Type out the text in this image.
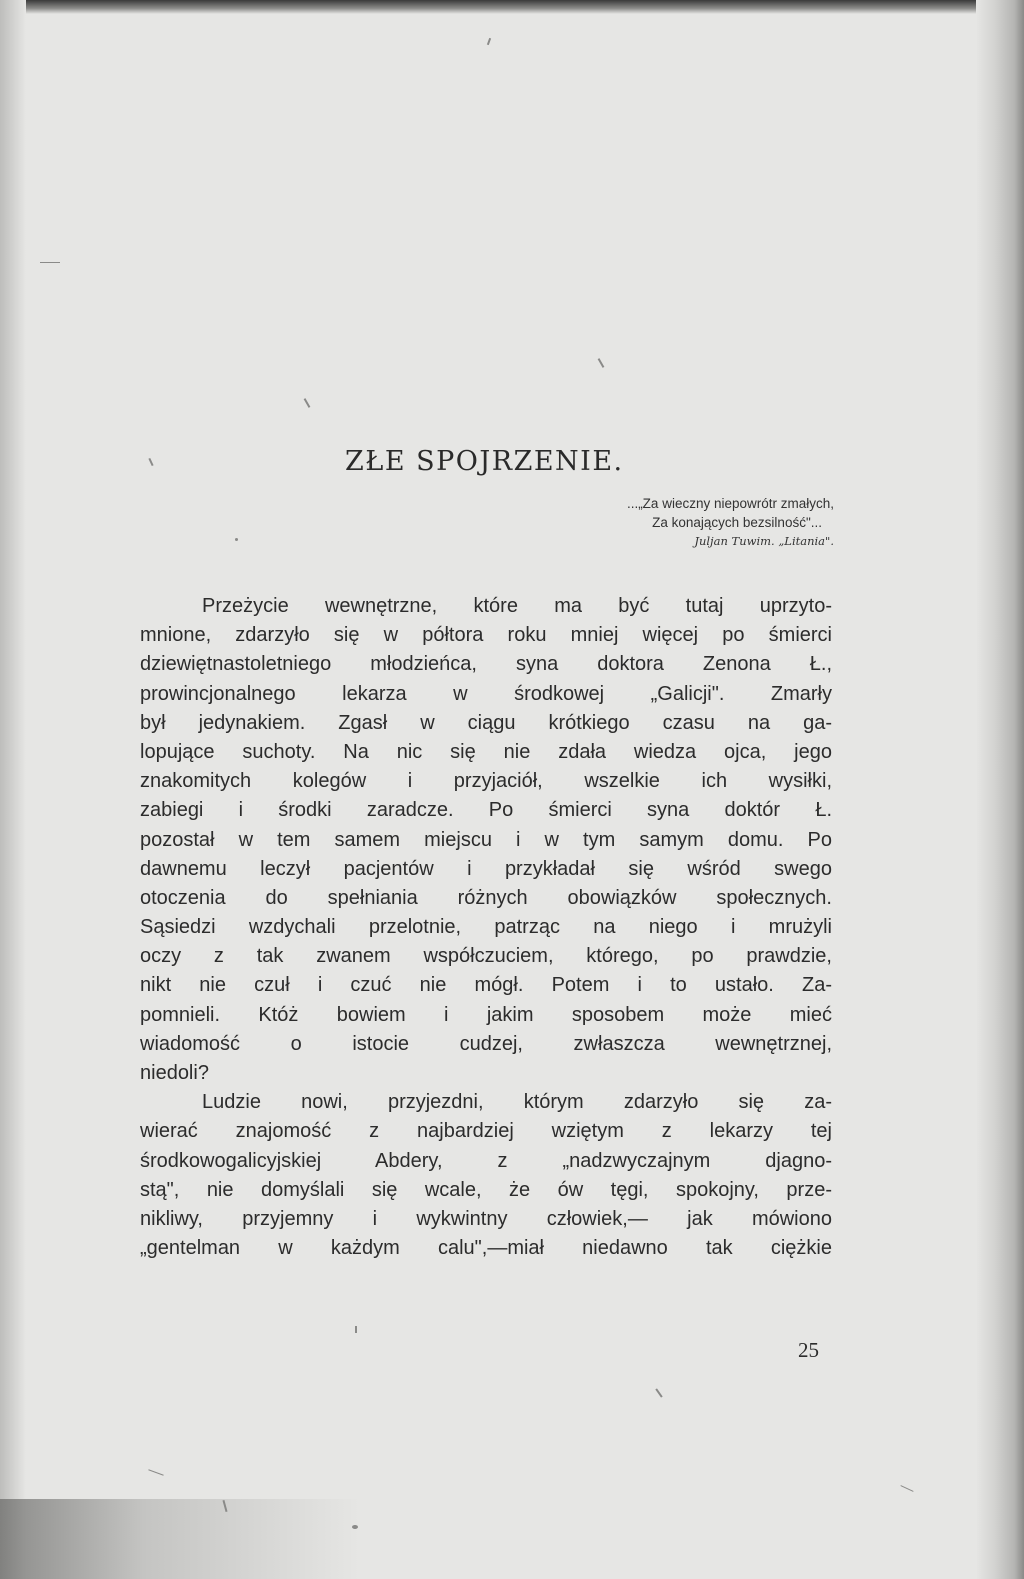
ZŁE SPOJRZENIE.
...„Za wieczny niepowrótr zmałych,
Za konających bezsilność"...
Juljan Tuwim. „Litania".
Przeżycie wewnętrzne, które ma być tutaj uprzyto-
mnione, zdarzyło się w półtora roku mniej więcej po śmierci
dziewiętnastoletniego młodzieńca, syna doktora Zenona Ł.,
prowincjonalnego lekarza w środkowej „Galicji". Zmarły
był jedynakiem. Zgasł w ciągu krótkiego czasu na ga-
lopujące suchoty. Na nic się nie zdała wiedza ojca, jego
znakomitych kolegów i przyjaciół, wszelkie ich wysiłki,
zabiegi i środki zaradcze. Po śmierci syna doktór Ł.
pozostał w tem samem miejscu i w tym samym domu. Po
dawnemu leczył pacjentów i przykładał się wśród swego
otoczenia do spełniania różnych obowiązków społecznych.
Sąsiedzi wzdychali przelotnie, patrząc na niego i mrużyli
oczy z tak zwanem współczuciem, którego, po prawdzie,
nikt nie czuł i czuć nie mógł. Potem i to ustało. Za-
pomnieli. Któż bowiem i jakim sposobem może mieć
wiadomość o istocie cudzej, zwłaszcza wewnętrznej,
niedoli?
Ludzie nowi, przyjezdni, którym zdarzyło się za-
wierać znajomość z najbardziej wziętym z lekarzy tej
środkowogalicyjskiej Abdery, z „nadzwyczajnym djagno-
stą", nie domyślali się wcale, że ów tęgi, spokojny, prze-
nikliwy, przyjemny i wykwintny człowiek,— jak mówiono
„gentelman w każdym calu",—miał niedawno tak ciężkie
25
